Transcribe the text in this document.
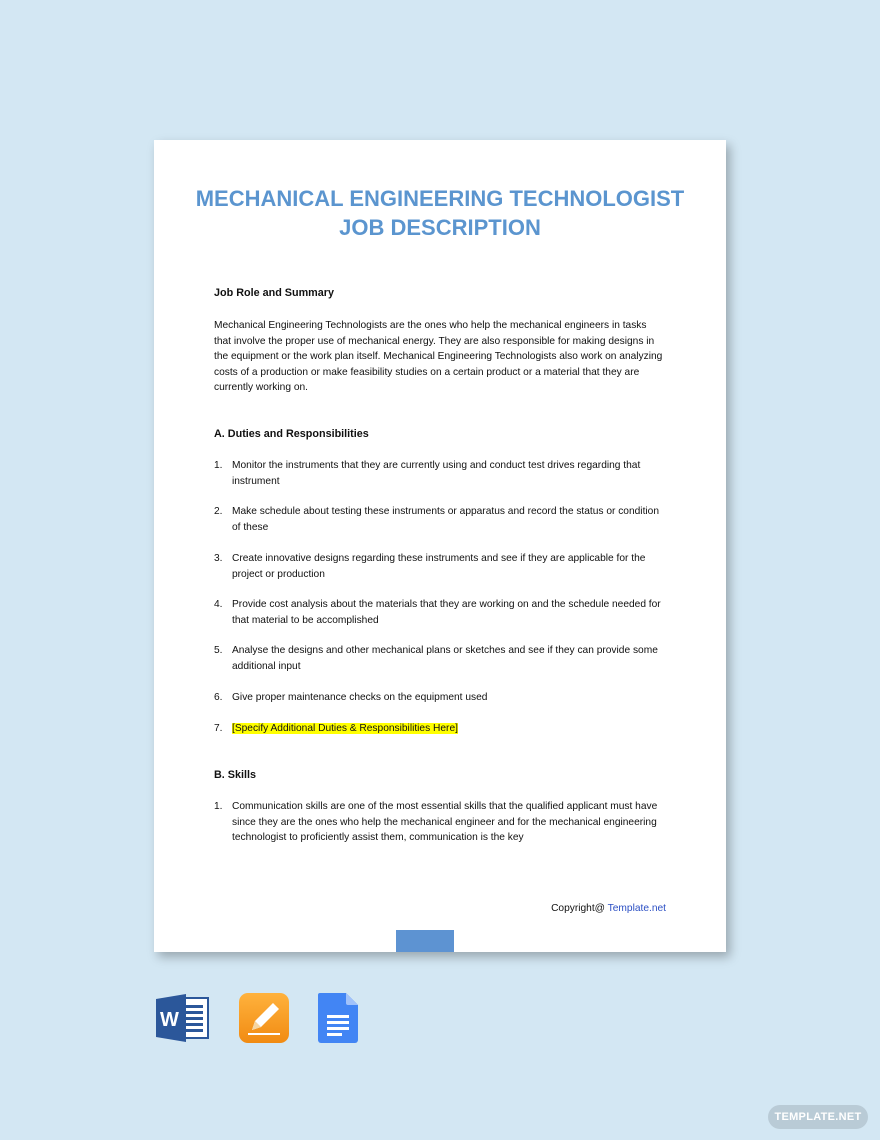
MECHANICAL ENGINEERING TECHNOLOGIST
JOB DESCRIPTION
Job Role and Summary
Mechanical Engineering Technologists are the ones who help the mechanical engineers in tasks that involve the proper use of mechanical energy. They are also responsible for making designs in the equipment or the work plan itself. Mechanical Engineering Technologists also work on analyzing costs of a production or make feasibility studies on a certain product or a material that they are currently working on.
A. Duties and Responsibilities
1. Monitor the instruments that they are currently using and conduct test drives regarding that instrument
2. Make schedule about testing these instruments or apparatus and record the status or condition of these
3. Create innovative designs regarding these instruments and see if they are applicable for the project or production
4. Provide cost analysis about the materials that they are working on and the schedule needed for that material to be accomplished
5. Analyse the designs and other mechanical plans or sketches and see if they can provide some additional input
6. Give proper maintenance checks on the equipment used
7. [Specify Additional Duties & Responsibilities Here]
B. Skills
1. Communication skills are one of the most essential skills that the qualified applicant must have since they are the ones who help the mechanical engineer and for the mechanical engineering technologist to proficiently assist them, communication is the key
Copyright@ Template.net
W
TEMPLATE.NET
